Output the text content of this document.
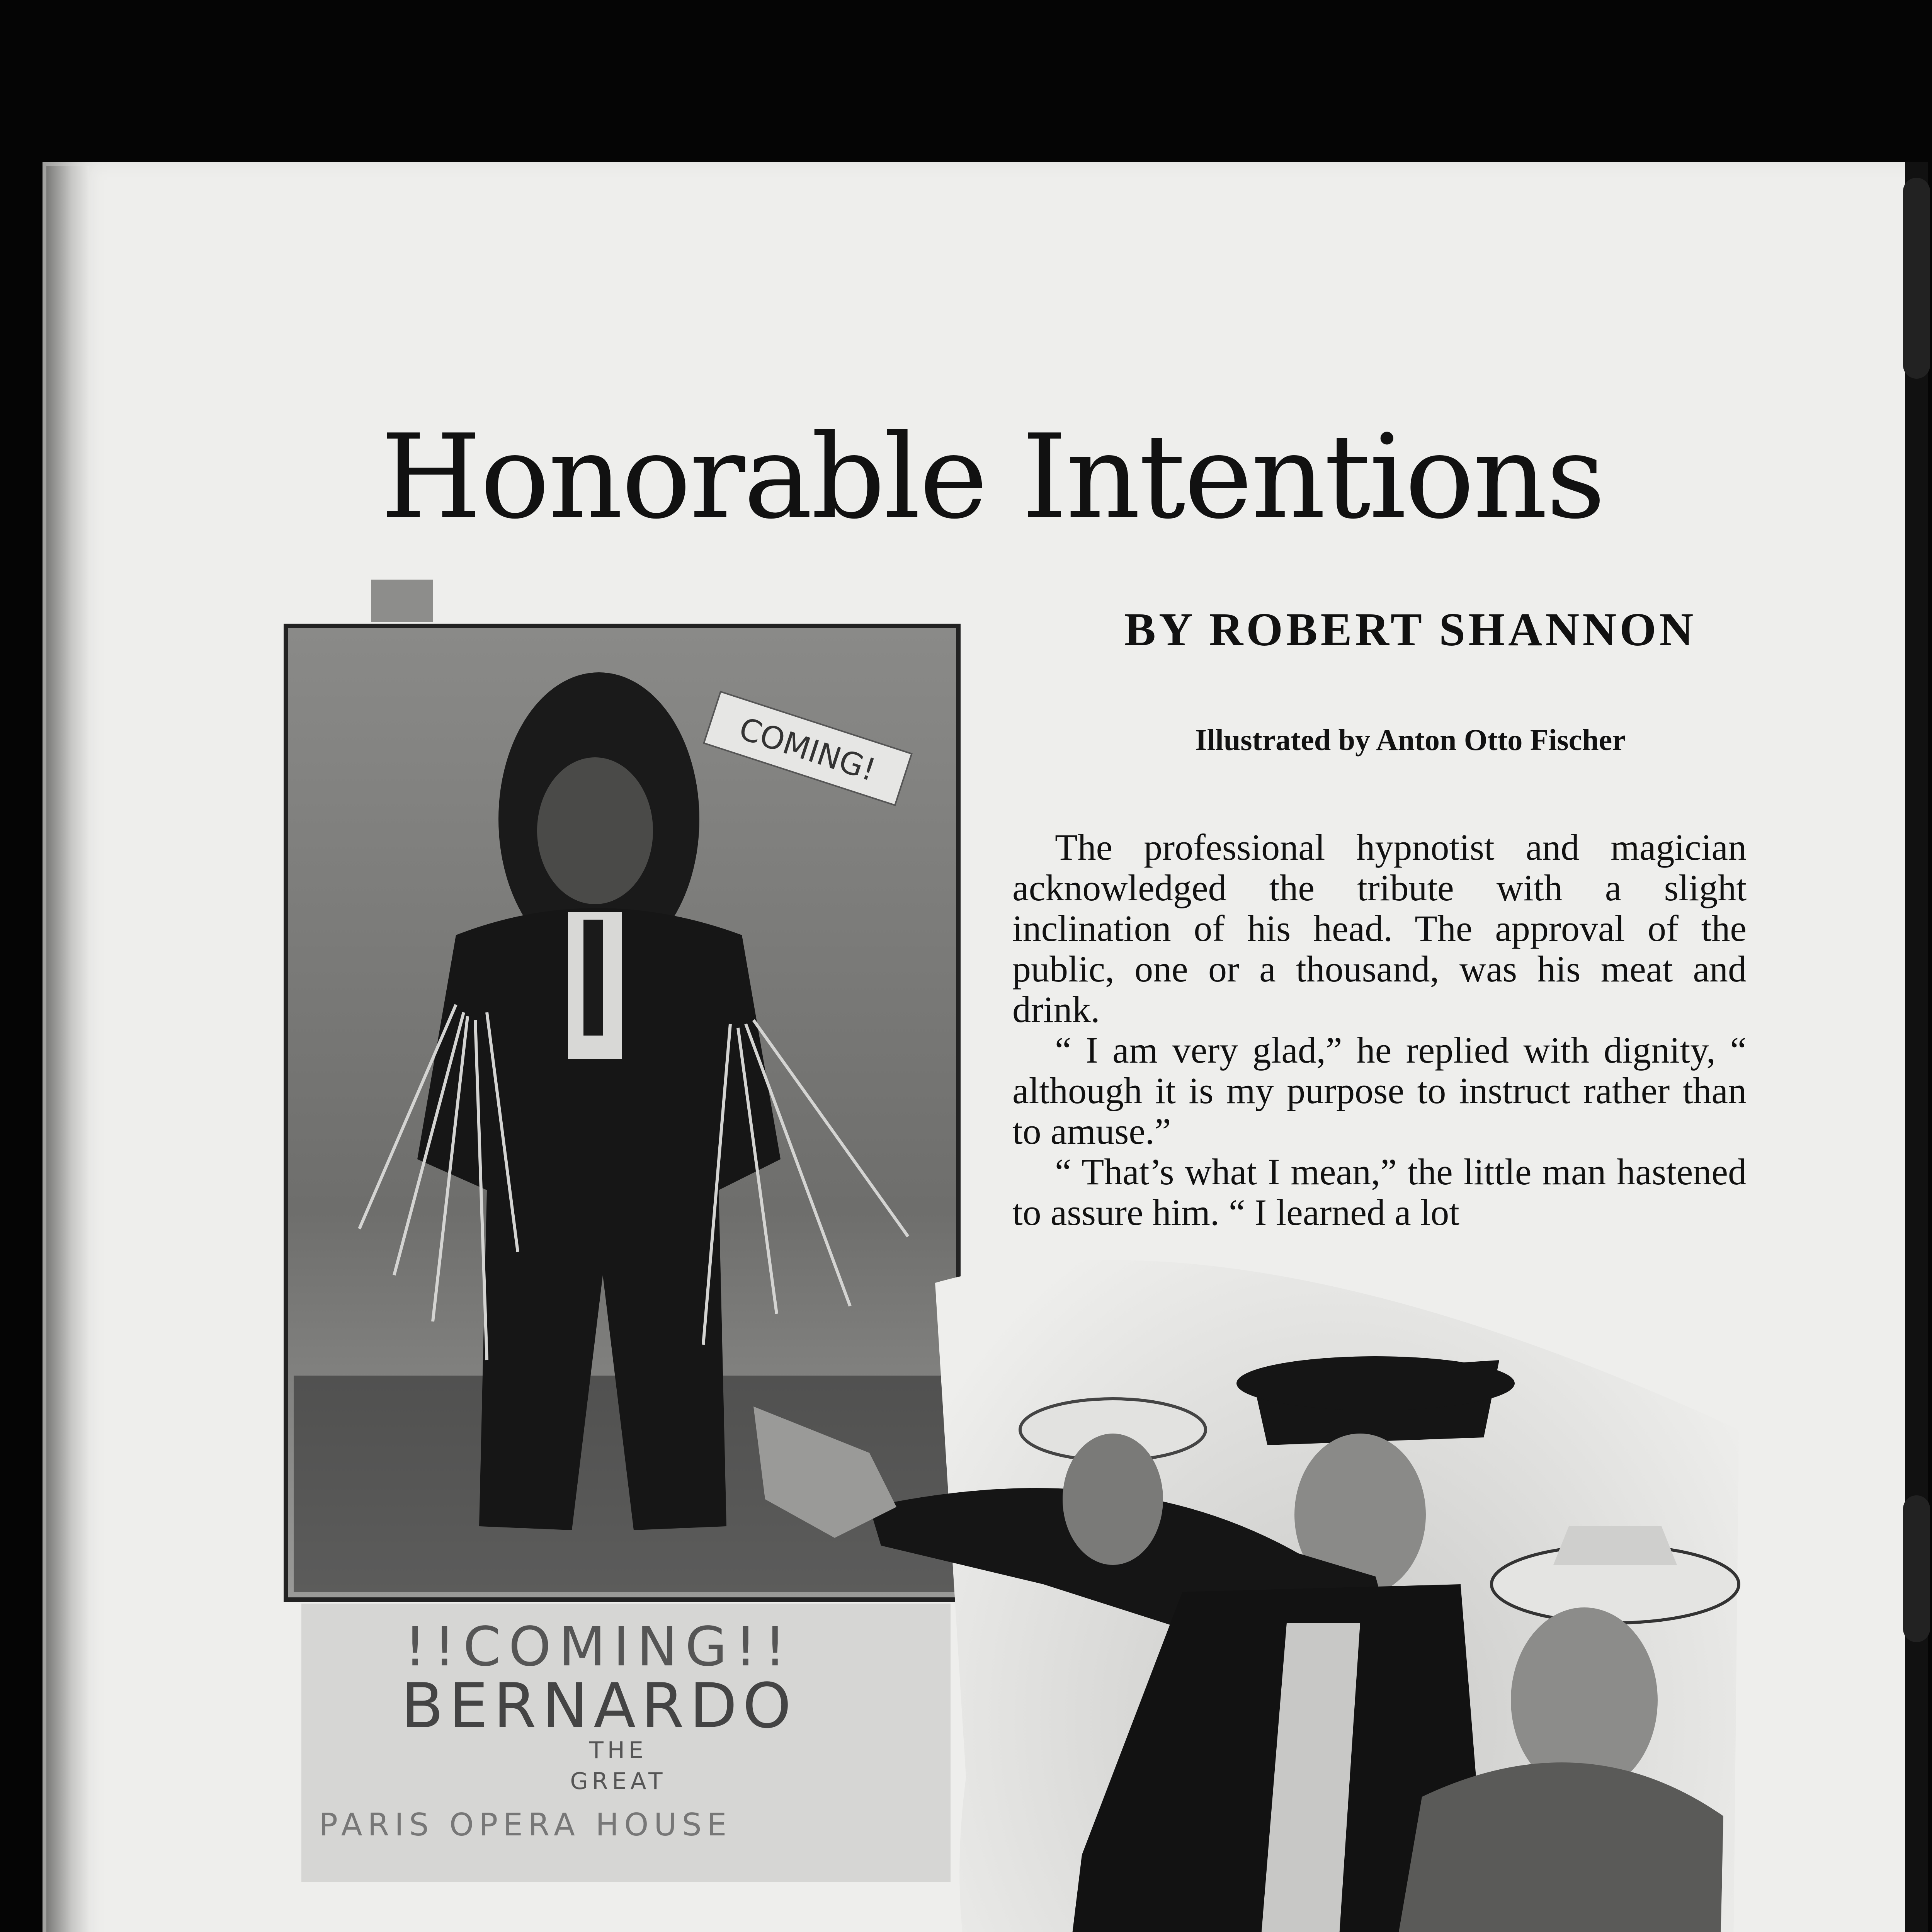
Honorable Intentions
BY ROBERT SHANNON
Illustrated by Anton Otto Fischer
COMING!
!!COMING!!
BERNARDO
THE
GREAT
PARIS OPERA HOUSE

The professional hypnotist and magician acknowledged the tribute with a slight inclination of his head. The approval of the public, one or a thousand, was his meat and drink.

“ I am very glad,” he replied with dignity, “ although it is my purpose to instruct rather than to amuse.”

“ That’s what I mean,” the little man hastened to assure him. “ I learned a lot
